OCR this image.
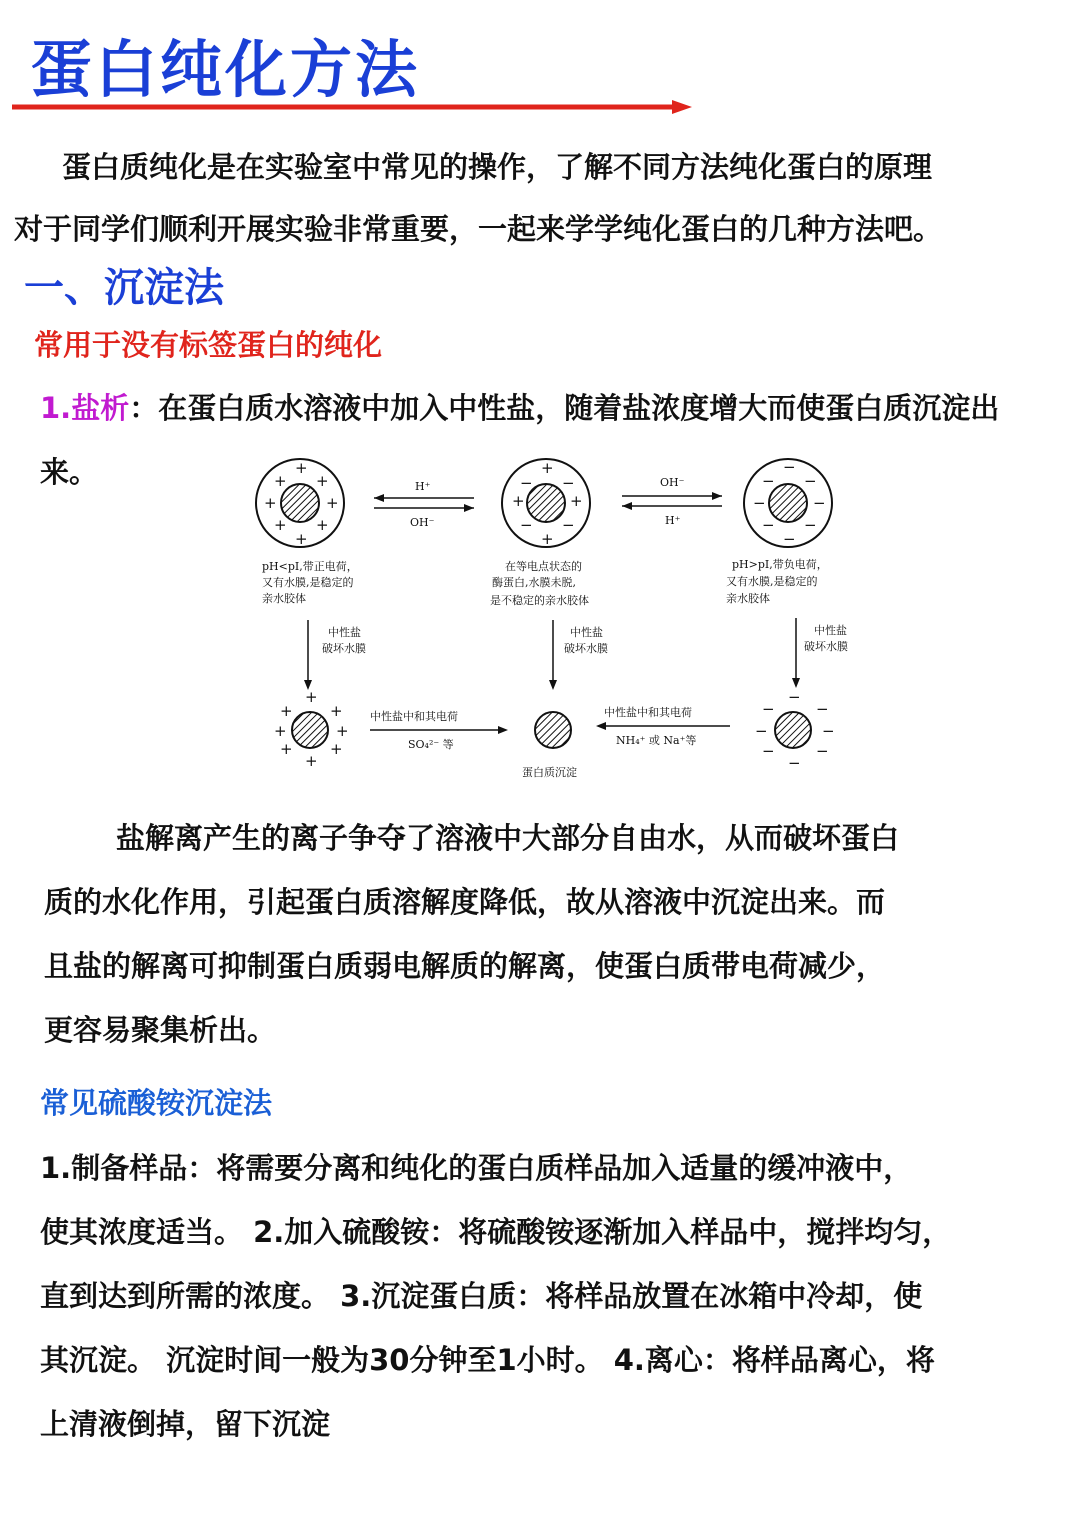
蛋白纯化方法
蛋白质纯化是在实验室中常见的操作，了解不同方法纯化蛋白的原理
对于同学们顺利开展实验非常重要，一起来学学纯化蛋白的几种方法吧。
一、沉淀法
常用于没有标签蛋白的纯化
1.盐析：在蛋白质水溶液中加入中性盐，随着盐浓度增大而使蛋白质沉淀出来。	+
+ +
+	+
+ +
+
+
+	+
− −
− −
+
−
− −
−	−
− −
−
H⁺
OH⁻
OH⁻
H⁺
pH<pI,带正电荷，
又有水膜,是稳定的
亲水胶体
在等电点状态的
酶蛋白,水膜未脱,
是不稳定的亲水胶体
pH>pI,带负电荷，
又有水膜,是稳定的
亲水胶体
中性盐
破坏水膜
中性盐
破坏水膜
中性盐
破坏水膜
+
+ +
+	+
+ +
+
蛋白质沉淀
−
−	−
−	−
−	−
−
中性盐中和其电荷
SO₄²⁻ 等
中性盐中和其电荷
NH₄⁺ 或 Na⁺等
盐解离产生的离子争夺了溶液中大部分自由水，从而破坏蛋白
质的水化作用，引起蛋白质溶解度降低，故从溶液中沉淀出来。而
且盐的解离可抑制蛋白质弱电解质的解离，使蛋白质带电荷减少，
更容易聚集析出。
常见硫酸铵沉淀法
1.制备样品：将需要分离和纯化的蛋白质样品加入适量的缓冲液中，
使其浓度适当。 2.加入硫酸铵：将硫酸铵逐渐加入样品中，搅拌均匀，
直到达到所需的浓度。 3.沉淀蛋白质：将样品放置在冰箱中冷却，使
其沉淀。 沉淀时间一般为30分钟至1小时。 4.离心：将样品离心，将
上清液倒掉，留下沉淀
